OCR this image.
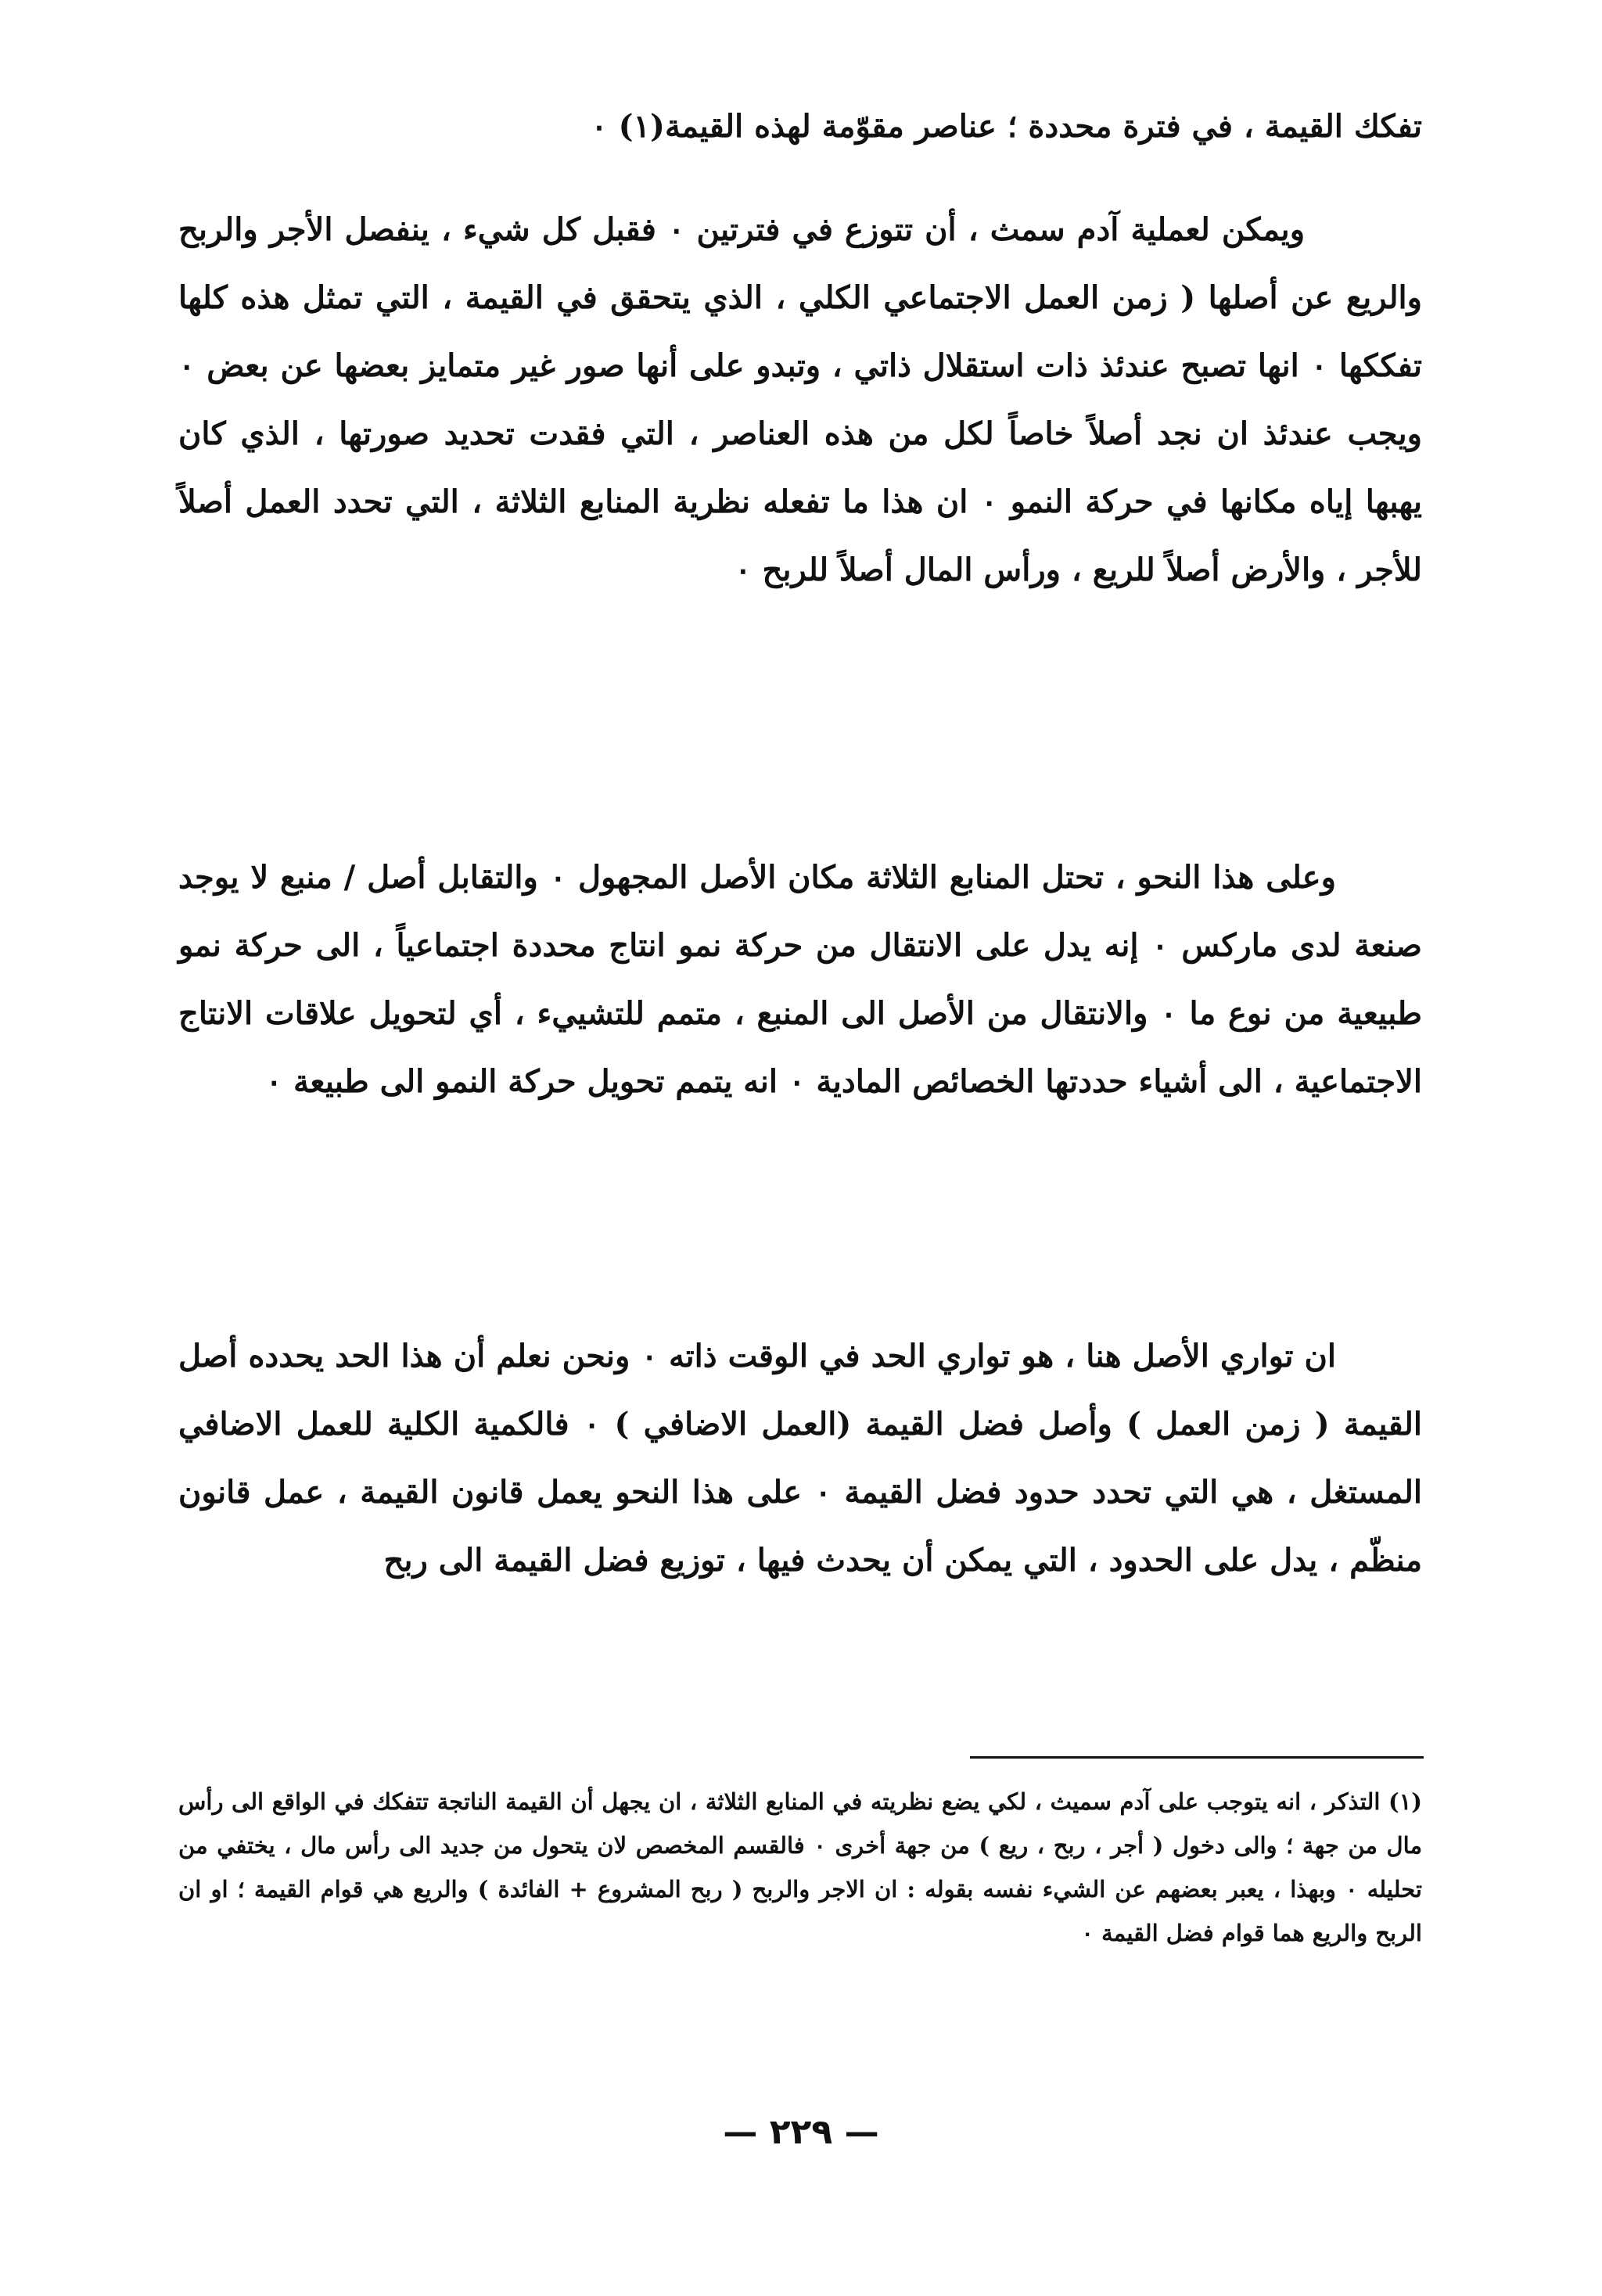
تفكك القيمة ، في فترة محددة ؛ عناصر مقوّمة لهذه القيمة(١) ٠

ويمكن لعملية آدم سمث ، أن تتوزع في فترتين ٠ فقبل كل شيء ، ينفصل الأجر والربح والريع عن أصلها ( زمن العمل الاجتماعي الكلي ، الذي يتحقق في القيمة ، التي تمثل هذه كلها تفككها ٠ انها تصبح عندئذ ذات استقلال ذاتي ، وتبدو على أنها صور غير متمايز بعضها عن بعض ٠ ويجب عندئذ ان نجد أصلاً خاصاً لكل من هذه العناصر ، التي فقدت تحديد صورتها ، الذي كان يهبها إياه مكانها في حركة النمو ٠ ان هذا ما تفعله نظرية المنابع الثلاثة ، التي تحدد العمل أصلاً للأجر ، والأرض أصلاً للريع ، ورأس المال أصلاً للربح ٠

وعلى هذا النحو ، تحتل المنابع الثلاثة مكان الأصل المجهول ٠ والتقابل أصل / منبع لا يوجد صنعة لدى ماركس ٠ إنه يدل على الانتقال من حركة نمو انتاج محددة اجتماعياً ، الى حركة نمو طبيعية من نوع ما ٠ والانتقال من الأصل الى المنبع ، متمم للتشييء ، أي لتحويل علاقات الانتاج الاجتماعية ، الى أشياء حددتها الخصائص المادية ٠ انه يتمم تحويل حركة النمو الى طبيعة ٠

ان تواري الأصل هنا ، هو تواري الحد في الوقت ذاته ٠ ونحن نعلم أن هذا الحد يحدده أصل القيمة ( زمن العمل ) وأصل فضل القيمة (العمل الاضافي ) ٠ فالكمية الكلية للعمل الاضافي المستغل ، هي التي تحدد حدود فضل القيمة ٠ على هذا النحو يعمل قانون القيمة ، عمل قانون منظّم ، يدل على الحدود ، التي يمكن أن يحدث فيها ، توزيع فضل القيمة الى ربح

(١) التذكر ، انه يتوجب على آدم سميث ، لكي يضع نظريته في المنابع الثلاثة ، ان يجهل أن القيمة الناتجة تتفكك في الواقع الى رأس مال من جهة ؛ والى دخول ( أجر ، ربح ، ريع ) من جهة أخرى ٠ فالقسم المخصص لان يتحول من جديد الى رأس مال ، يختفي من تحليله ٠ وبهذا ، يعبر بعضهم عن الشيء نفسه بقوله : ان الاجر والربح ( ربح المشروع + الفائدة ) والريع هي قوام القيمة ؛ او ان الربح والريع هما قوام فضل القيمة ٠

— ٢٢٩ —
